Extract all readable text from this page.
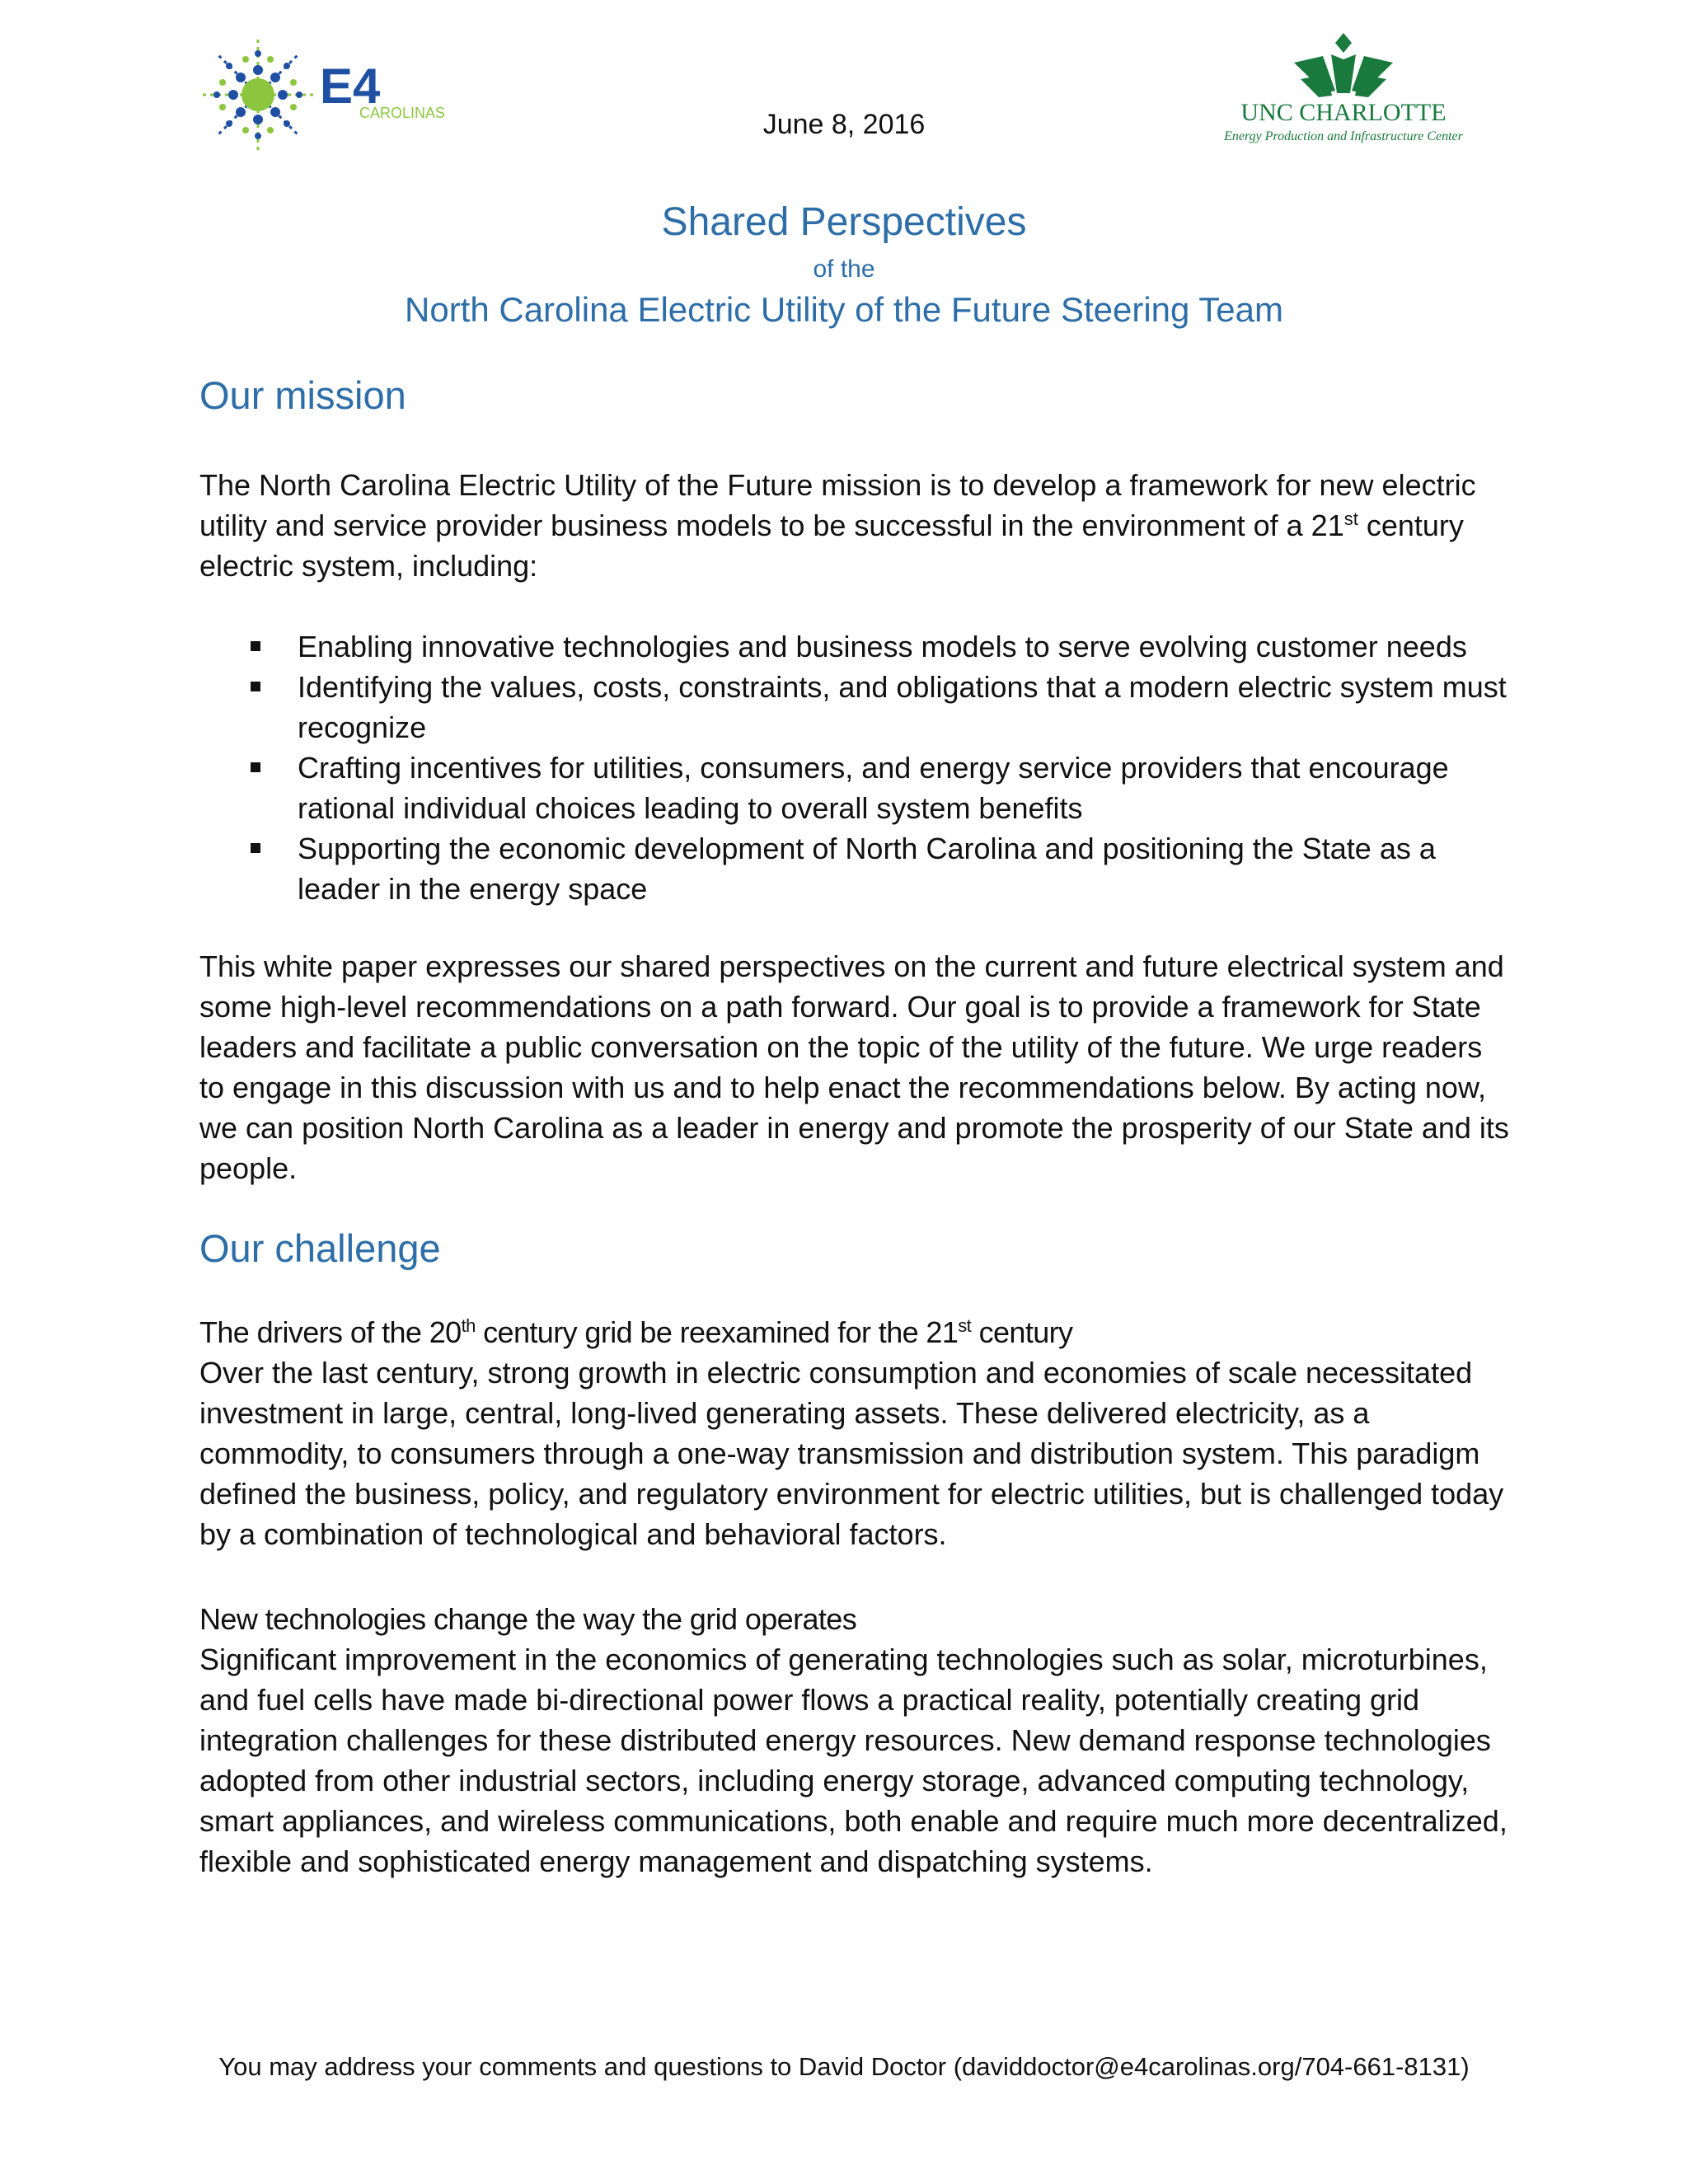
E4
CAROLINAS	June 8, 2016	UNC CHARLOTTE
Energy Production and Infrastructure Center
Shared Perspectives
of the
North Carolina Electric Utility of the Future Steering Team
Our mission
The North Carolina Electric Utility of the Future mission is to develop a framework for new electric utility and service provider business models to be successful in the environment of a 21st century electric system, including:
Enabling innovative technologies and business models to serve evolving customer needs
Identifying the values, costs, constraints, and obligations that a modern electric system must recognize
Crafting incentives for utilities, consumers, and energy service providers that encourage rational individual choices leading to overall system benefits
Supporting the economic development of North Carolina and positioning the State as a leader in the energy space
This white paper expresses our shared perspectives on the current and future electrical system and some high-level recommendations on a path forward. Our goal is to provide a framework for State leaders and facilitate a public conversation on the topic of the utility of the future. We urge readers to engage in this discussion with us and to help enact the recommendations below. By acting now, we can position North Carolina as a leader in energy and promote the prosperity of our State and its people.
Our challenge
The drivers of the 20th century grid be reexamined for the 21st century
Over the last century, strong growth in electric consumption and economies of scale necessitated investment in large, central, long-lived generating assets. These delivered electricity, as a commodity, to consumers through a one-way transmission and distribution system. This paradigm defined the business, policy, and regulatory environment for electric utilities, but is challenged today by a combination of technological and behavioral factors.
New technologies change the way the grid operates
Significant improvement in the economics of generating technologies such as solar, microturbines, and fuel cells have made bi-directional power flows a practical reality, potentially creating grid integration challenges for these distributed energy resources. New demand response technologies adopted from other industrial sectors, including energy storage, advanced computing technology, smart appliances, and wireless communications, both enable and require much more decentralized, flexible and sophisticated energy management and dispatching systems.
You may address your comments and questions to David Doctor (daviddoctor@e4carolinas.org/704-661-8131)
